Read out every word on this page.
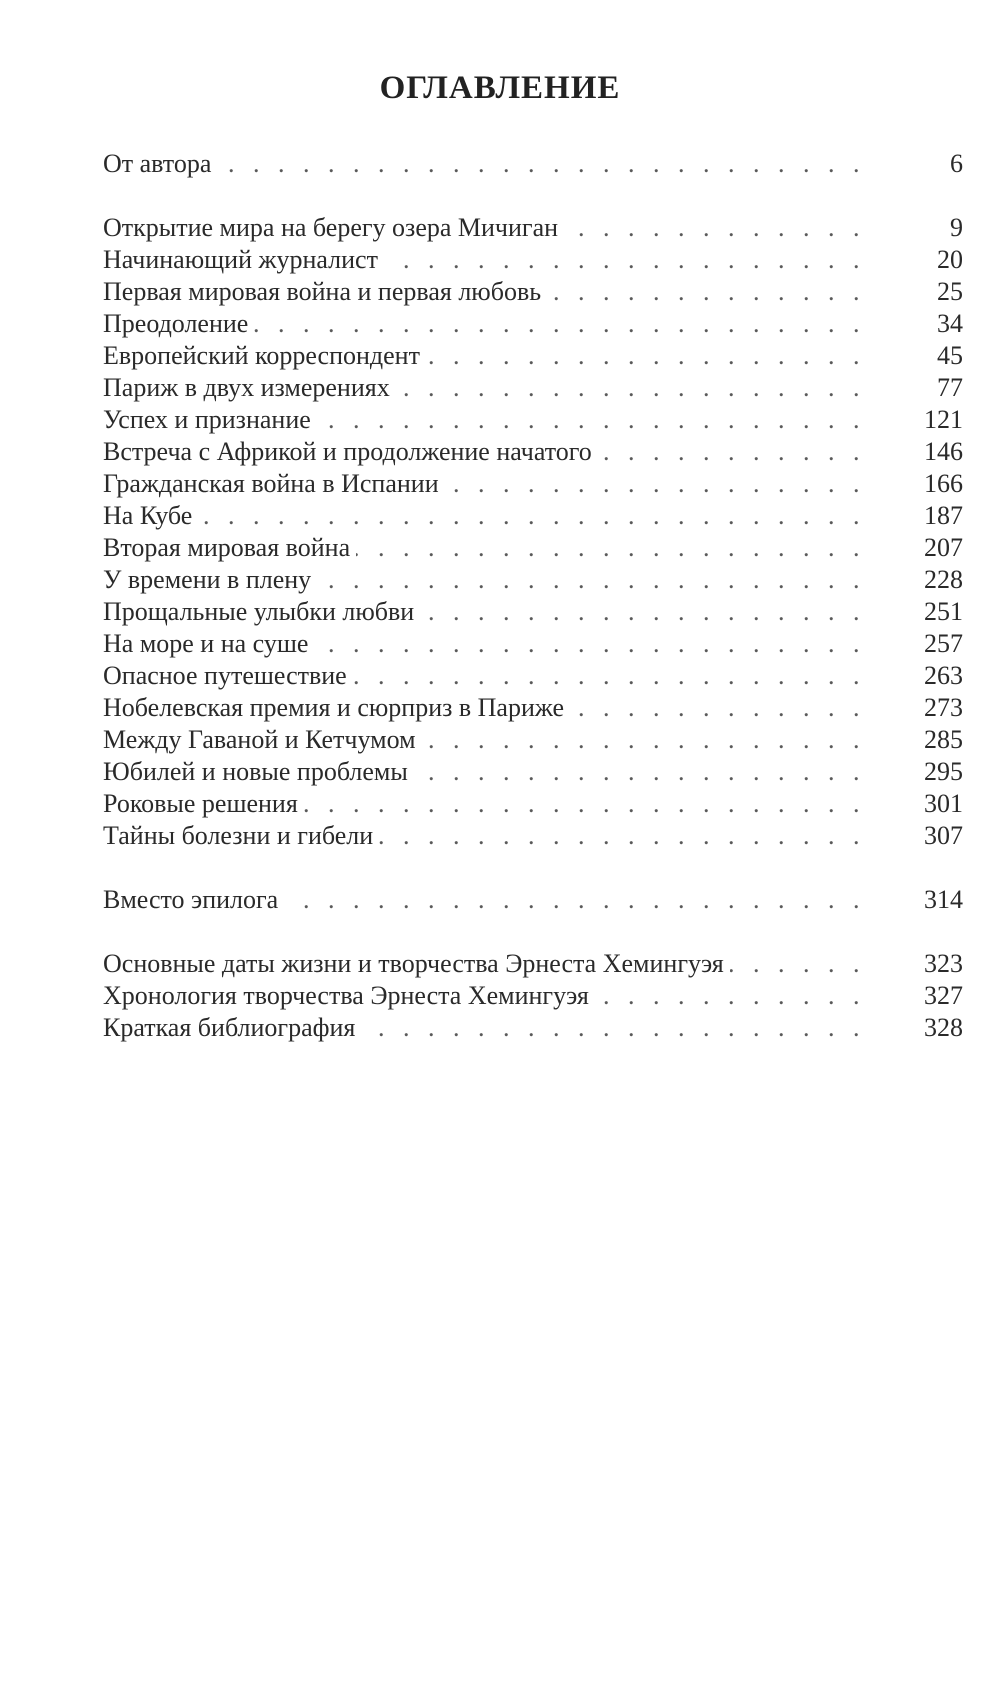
ОГЛАВЛЕНИЕ
. . .
От автора	6
. . .
Открытие мира на берегу озера Мичиган	9
. . .
Начинающий журналист	20
. . .
Первая мировая война и первая любовь	25
. . .
Преодоление	34
. . .
Европейский корреспондент	45
. . .
Париж в двух измерениях	77
. . .
Успех и признание	121
. . .
Встреча с Африкой и продолжение начатого	146
. . .
Гражданская война в Испании	166
. . .
На Кубе	187
. . .
Вторая мировая война	207
. . .
У времени в плену	228
. . .
Прощальные улыбки любви	251
. . .
На море и на суше	257
. . .
Опасное путешествие	263
. . .
Нобелевская премия и сюрприз в Париже	273
. . .
Между Гаваной и Кетчумом	285
. . .
Юбилей и новые проблемы	295
. . .
Роковые решения	301
. . .
Тайны болезни и гибели	307
. . .
Вместо эпилога	314
. . .
Основные даты жизни и творчества Эрнеста Хемингуэя	323
. . .
Хронология творчества Эрнеста Хемингуэя	327
. . .
Краткая библиография	328
